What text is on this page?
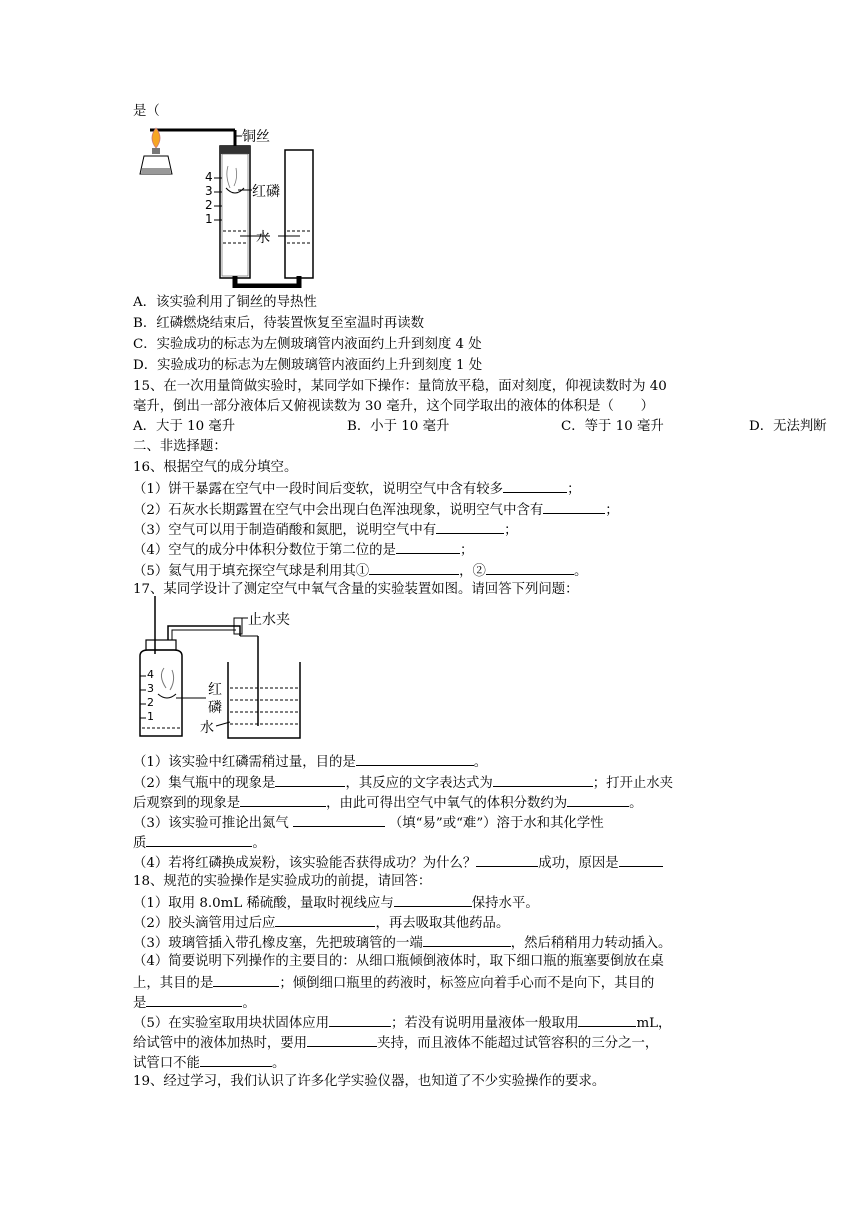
是（
铜丝
4
3
2
1
红磷
水
A．该实验利用了铜丝的导热性
B．红磷燃烧结束后，待装置恢复至室温时再读数
C．实验成功的标志为左侧玻璃管内液面约上升到刻度 4 处
D．实验成功的标志为左侧玻璃管内液面约上升到刻度 1 处
15、在一次用量筒做实验时，某同学如下操作：量筒放平稳，面对刻度，仰视读数时为 40
毫升，倒出一部分液体后又俯视读数为 30 毫升，这个同学取出的液体的体积是（　　）
A．大于 10 毫升	B．小于 10 毫升	C．等于 10 毫升	D．无法判断
二、非选择题：
16、根据空气的成分填空。
（1）饼干暴露在空气中一段时间后变软，说明空气中含有较多	；
（2）石灰水长期露置在空气中会出现白色浑浊现象，说明空气中含有	；
（3）空气可以用于制造硝酸和氮肥，说明空气中有	；
（4）空气的成分中体积分数位于第二位的是	；
（5）氦气用于填充探空气球是利用其①	，②	。
17、某同学设计了测定空气中氧气含量的实验装置如图。请回答下列问题：
4
3
2
1
止水夹
红
磷
水
（1）该实验中红磷需稍过量，目的是	。
（2）集气瓶中的现象是	，其反应的文字表达式为	；打开止水夹
后观察到的现象是	，由此可得出空气中氧气的体积分数约为	。
（3）该实验可推论出氮气	（填“易”或“难”）溶于水和其化学性
质	。
（4）若将红磷换成炭粉，该实验能否获得成功？为什么？	成功，原因是
18、规范的实验操作是实验成功的前提，请回答：
（1）取用 8.0mL 稀硫酸，量取时视线应与	保持水平。
（2）胶头滴管用过后应	，再去吸取其他药品。
（3）玻璃管插入带孔橡皮塞，先把玻璃管的一端	，然后稍稍用力转动插入。
（4）简要说明下列操作的主要目的：从细口瓶倾倒液体时，取下细口瓶的瓶塞要倒放在桌
上，其目的是	；倾倒细口瓶里的药液时，标签应向着手心而不是向下，其目的
是	。
（5）在实验室取用块状固体应用	；若没有说明用量液体一般取用	mL，
给试管中的液体加热时，要用	夹持，而且液体不能超过试管容积的三分之一，
试管口不能	。
19、经过学习，我们认识了许多化学实验仪器，也知道了不少实验操作的要求。
